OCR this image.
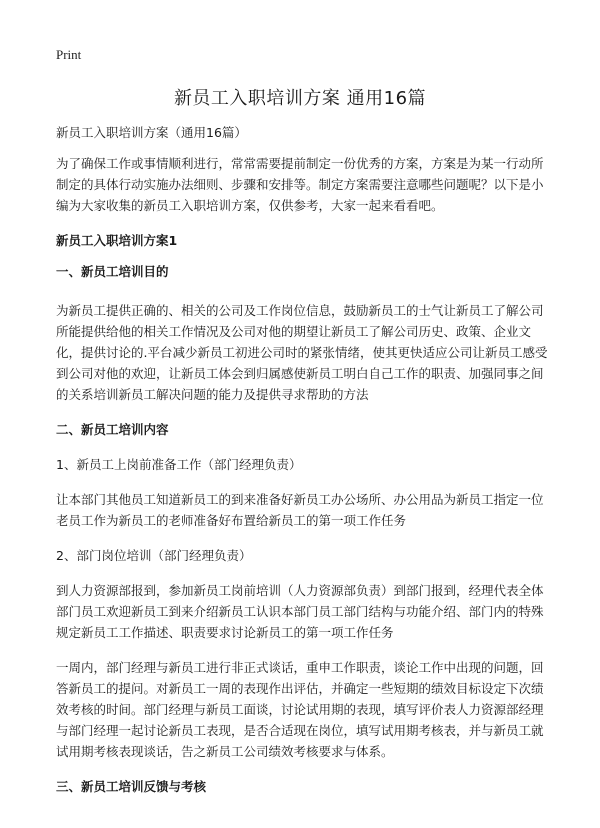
Print
新员工入职培训方案 通用16篇

新员工入职培训方案（通用16篇）

为了确保工作或事情顺利进行，常常需要提前制定一份优秀的方案，方案是为某一行动所制定的具体行动实施办法细则、步骤和安排等。制定方案需要注意哪些问题呢？以下是小编为大家收集的新员工入职培训方案，仅供参考，大家一起来看看吧。

新员工入职培训方案1
一、新员工培训目的

为新员工提供正确的、相关的公司及工作岗位信息，鼓励新员工的士气让新员工了解公司所能提供给他的相关工作情况及公司对他的期望让新员工了解公司历史、政策、企业文化，提供讨论的.平台减少新员工初进公司时的紧张情绪，使其更快适应公司让新员工感受到公司对他的欢迎，让新员工体会到归属感使新员工明白自己工作的职责、加强同事之间的关系培训新员工解决问题的能力及提供寻求帮助的方法

二、新员工培训内容

1、新员工上岗前准备工作（部门经理负责）

让本部门其他员工知道新员工的到来准备好新员工办公场所、办公用品为新员工指定一位老员工作为新员工的老师准备好布置给新员工的第一项工作任务

2、部门岗位培训（部门经理负责）

到人力资源部报到，参加新员工岗前培训（人力资源部负责）到部门报到，经理代表全体部门员工欢迎新员工到来介绍新员工认识本部门员工部门结构与功能介绍、部门内的特殊规定新员工工作描述、职责要求讨论新员工的第一项工作任务

一周内，部门经理与新员工进行非正式谈话，重申工作职责，谈论工作中出现的问题，回答新员工的提问。对新员工一周的表现作出评估，并确定一些短期的绩效目标设定下次绩效考核的时间。部门经理与新员工面谈，讨论试用期的表现，填写评价表人力资源部经理与部门经理一起讨论新员工表现，是否合适现在岗位，填写试用期考核表，并与新员工就试用期考核表现谈话，告之新员工公司绩效考核要求与体系。

三、新员工培训反馈与考核
